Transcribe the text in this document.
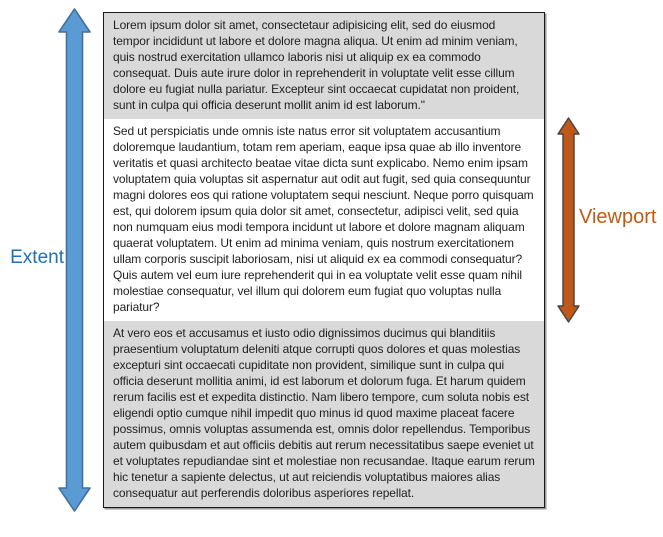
Extent

Lorem ipsum dolor sit amet, consectetaur adipisicing elit, sed do eiusmod tempor incididunt ut labore et dolore magna aliqua. Ut enim ad minim veniam, quis nostrud exercitation ullamco laboris nisi ut aliquip ex ea commodo consequat. Duis aute irure dolor in reprehenderit in voluptate velit esse cillum dolore eu fugiat nulla pariatur. Excepteur sint occaecat cupidatat non proident, sunt in culpa qui officia deserunt mollit anim id est laborum."

Sed ut perspiciatis unde omnis iste natus error sit voluptatem accusantium doloremque laudantium, totam rem aperiam, eaque ipsa quae ab illo inventore veritatis et quasi architecto beatae vitae dicta sunt explicabo. Nemo enim ipsam voluptatem quia voluptas sit aspernatur aut odit aut fugit, sed quia consequuntur magni dolores eos qui ratione voluptatem sequi nesciunt. Neque porro quisquam est, qui dolorem ipsum quia dolor sit amet, consectetur, adipisci velit, sed quia non numquam eius modi tempora incidunt ut labore et dolore magnam aliquam quaerat voluptatem. Ut enim ad minima veniam, quis nostrum exercitationem ullam corporis suscipit laboriosam, nisi ut aliquid ex ea commodi consequatur? Quis autem vel eum iure reprehenderit qui in ea voluptate velit esse quam nihil molestiae consequatur, vel illum qui dolorem eum fugiat quo voluptas nulla pariatur?

At vero eos et accusamus et iusto odio dignissimos ducimus qui blanditiis praesentium voluptatum deleniti atque corrupti quos dolores et quas molestias excepturi sint occaecati cupiditate non provident, similique sunt in culpa qui officia deserunt mollitia animi, id est laborum et dolorum fuga. Et harum quidem rerum facilis est et expedita distinctio. Nam libero tempore, cum soluta nobis est eligendi optio cumque nihil impedit quo minus id quod maxime placeat facere possimus, omnis voluptas assumenda est, omnis dolor repellendus. Temporibus autem quibusdam et aut officiis debitis aut rerum necessitatibus saepe eveniet ut et voluptates repudiandae sint et molestiae non recusandae. Itaque earum rerum hic tenetur a sapiente delectus, ut aut reiciendis voluptatibus maiores alias consequatur aut perferendis doloribus asperiores repellat.

Viewport
